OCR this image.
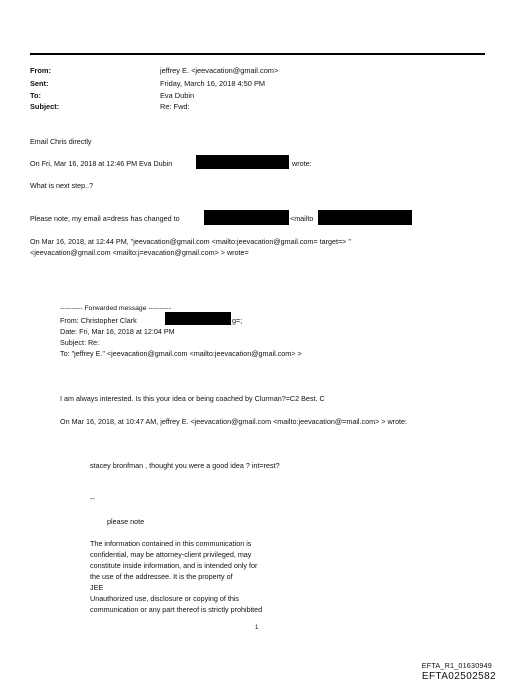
From:	jeffrey E. <jeevacation@gmail.com>
Sent:	Friday, March 16, 2018 4:50 PM
To:	Eva Dubin
Subject:	Re: Fwd:
Email Chris directly
On Fri, Mar 16, 2018 at 12:46 PM Eva Dubin	wrote:
What is next step..?
Please note, my email a=dress has changed to	<mailto
On Mar 16, 2018, at 12:44 PM, "jeevacation@gmail.com <mailto:jeevacation@gmail.com= target=> "
<jeevacation@gmail.com <mailto:j=evacation@gmail.com> > wrote=
---------- Forwarded message ----------
From: Christopher Clark	g=;
Date: Fri, Mar 16, 2018 at 12:04 PM
Subject: Re:
To: "jeffrey E." <jeevacation@gmail.com <mailto:jeevacation@gmail.com> >
I am always interested. Is this your idea or being coached by Clurman?=C2 Best. C
On Mar 16, 2018, at 10:47 AM, jeffrey E. <jeevacation@gmail.com <mailto:jeevacation@=mail.com> > wrote:
stacey bronfman , thought you were a good idea ? int=rest?
--
please note
The information contained in this communication is
confidential, may be attorney-client privileged, may
constitute inside information, and is intended only for
the use of the addressee. It is the property of
JEE
Unauthorized use, disclosure or copying of this
communication or any part thereof is strictly prohibited
1
EFTA_R1_01630949
EFTA02502582
